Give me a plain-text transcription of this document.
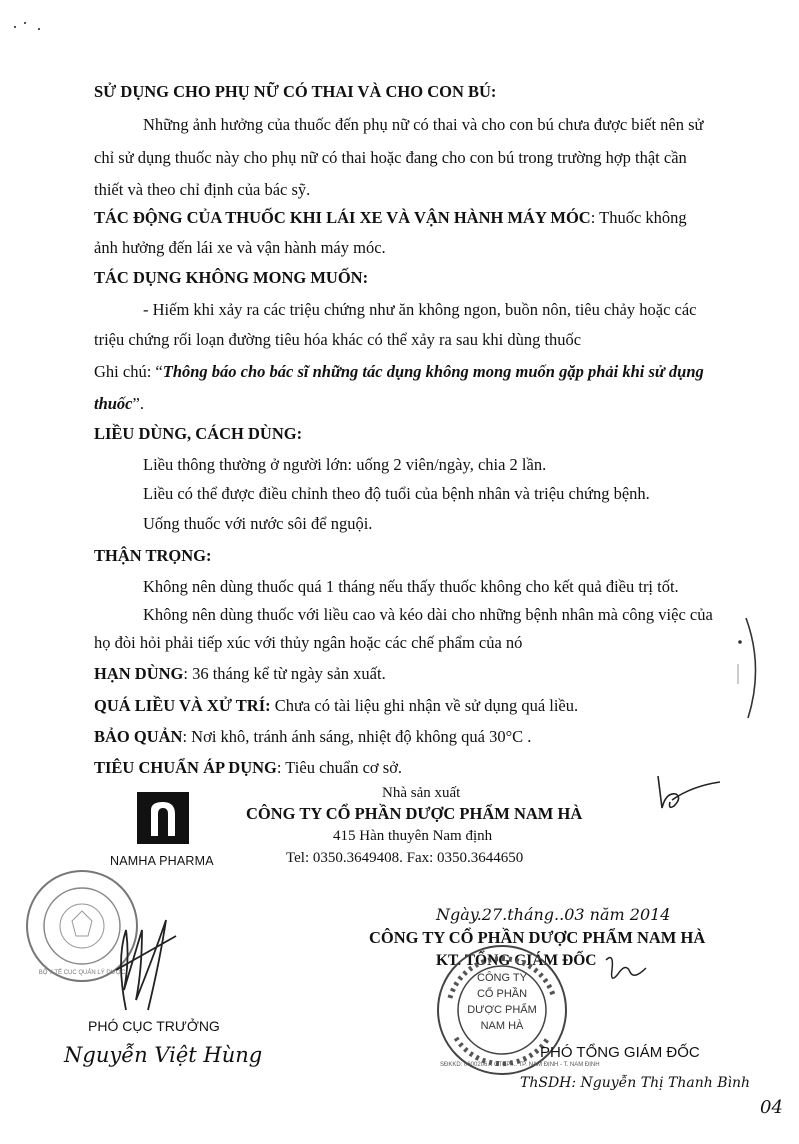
SỬ DỤNG CHO PHỤ NỮ CÓ THAI VÀ CHO CON BÚ:
Những ảnh hưởng của thuốc đến phụ nữ có thai và cho con bú chưa được biết nên sử
chỉ sử dụng thuốc này cho phụ nữ có thai hoặc đang cho con bú trong trường hợp thật cần
thiết và theo chỉ định của bác sỹ.
TÁC ĐỘNG CỦA THUỐC KHI LÁI XE VÀ VẬN HÀNH MÁY MÓC: Thuốc không
ảnh hưởng đến lái xe và vận hành máy móc.
TÁC DỤNG KHÔNG MONG MUỐN:
- Hiếm khi xảy ra các triệu chứng như ăn không ngon, buồn nôn, tiêu chảy hoặc các
triệu chứng rối loạn đường tiêu hóa khác có thể xảy ra sau khi dùng thuốc
Ghi chú: “Thông báo cho bác sĩ những tác dụng không mong muốn gặp phải khi sử dụng
thuốc”.
LIỀU DÙNG, CÁCH DÙNG:
Liều thông thường ở người lớn: uống 2 viên/ngày, chia 2 lần.
Liều có thể được điều chỉnh theo độ tuổi của bệnh nhân và triệu chứng bệnh.
Uống thuốc với nước sôi để nguội.
THẬN TRỌNG:
Không nên dùng thuốc quá 1 tháng nếu thấy thuốc không cho kết quả điều trị tốt.
Không nên dùng thuốc với liều cao và kéo dài cho những bệnh nhân mà công việc của
họ đòi hỏi phải tiếp xúc với thủy ngân hoặc các chế phẩm của nó
HẠN DÙNG: 36 tháng kể từ ngày sản xuất.
QUÁ LIỀU VÀ XỬ TRÍ: Chưa có tài liệu ghi nhận về sử dụng quá liều.
BẢO QUẢN: Nơi khô, tránh ánh sáng, nhiệt độ không quá 30°C .
TIÊU CHUẨN ÁP DỤNG: Tiêu chuẩn cơ sở.
Nhà sản xuất
CÔNG TY CỔ PHẦN DƯỢC PHẨM NAM HÀ
415 Hàn thuyên Nam định
Tel: 0350.3649408. Fax: 0350.3644650
NAMHA PHARMA
Ngày.27.tháng..03 năm 2014
CÔNG TY CỔ PHẦN DƯỢC PHẨM NAM HÀ
KT. TỔNG GIÁM ĐỐC
SĐKKD: 0600206... CTCP ... TP. NAM ĐỊNH - T. NAM ĐỊNH
CÔNG TY
CỔ PHẦN
DƯỢC PHẨM
NAM HÀ
PHÓ TỔNG GIÁM ĐỐC
ThSDH: Nguyễn Thị Thanh Bình
BỘ Y TẾ CỤC QUẢN LÝ DƯỢC
PHÓ CỤC TRƯỞNG
Nguyễn Việt Hùng
04
